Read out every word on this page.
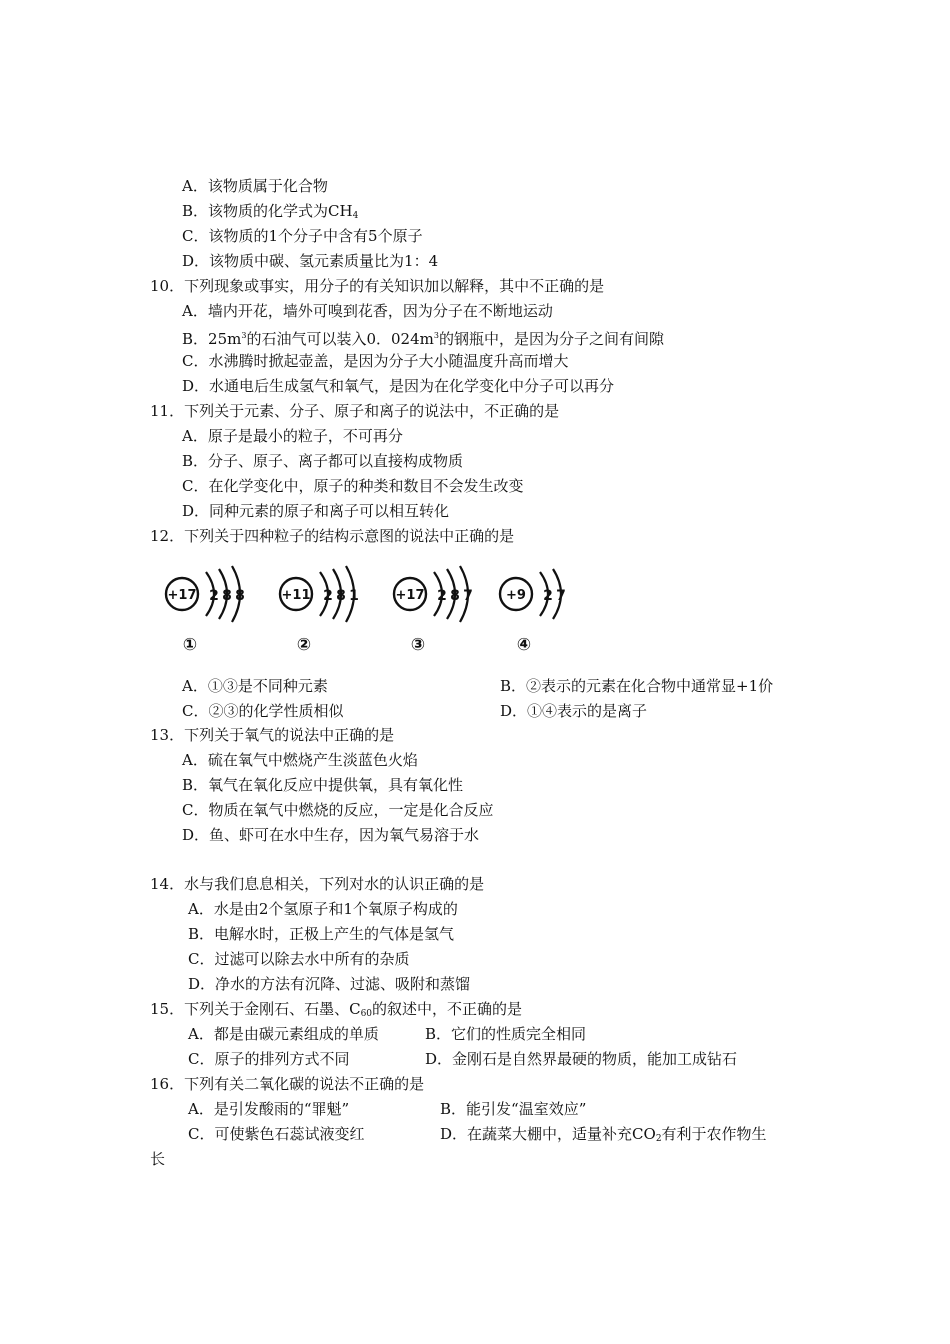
A．该物质属于化合物
B．该物质的化学式为$CH_4$
C．该物质的1个分子中含有5个原子
D．该物质中碳、氢元素质量比为1：4
10．下列现象或事实，用分子的有关知识加以解释，其中不正确的是
A．墙内开花，墙外可嗅到花香，因为分子在不断地运动
B．$25m^3$的石油气可以装入0．$024m^3$的钢瓶中，是因为分子之间有间隙
C．水沸腾时掀起壶盖，是因为分子大小随温度升高而增大
D．水通电后生成氢气和氧气，是因为在化学变化中分子可以再分
11．下列关于元素、分子、原子和离子的说法中，不正确的是
A．原子是最小的粒子，不可再分
B．分子、原子、离子都可以直接构成物质
C．在化学变化中，原子的种类和数目不会发生改变
D．同种元素的原子和离子可以相互转化
12．下列关于四种粒子的结构示意图的说法中正确的是
+17 2 8 8
①
+11 2 8 1
②
+17 2 8 7
③
+9 2 7
④
A．①③是不同种元素	B．②表示的元素在化合物中通常显+1价
C．②③的化学性质相似	D．①④表示的是离子
13．下列关于氧气的说法中正确的是
A．硫在氧气中燃烧产生淡蓝色火焰
B．氧气在氧化反应中提供氧，具有氧化性
C．物质在氧气中燃烧的反应，一定是化合反应
D．鱼、虾可在水中生存，因为氧气易溶于水
14．水与我们息息相关，下列对水的认识正确的是
A．水是由2个氢原子和1个氧原子构成的
B．电解水时，正极上产生的气体是氢气
C．过滤可以除去水中所有的杂质
D．净水的方法有沉降、过滤、吸附和蒸馏
15．下列关于金刚石、石墨、$C_{60}$的叙述中，不正确的是
A．都是由碳元素组成的单质	B．它们的性质完全相同
C．原子的排列方式不同	D．金刚石是自然界最硬的物质，能加工成钻石
16．下列有关二氧化碳的说法不正确的是
A．是引发酸雨的“罪魁”	B．能引发“温室效应”
C．可使紫色石蕊试液变红	D．在蔬菜大棚中，适量补充$CO_2$有利于农作物生
长
